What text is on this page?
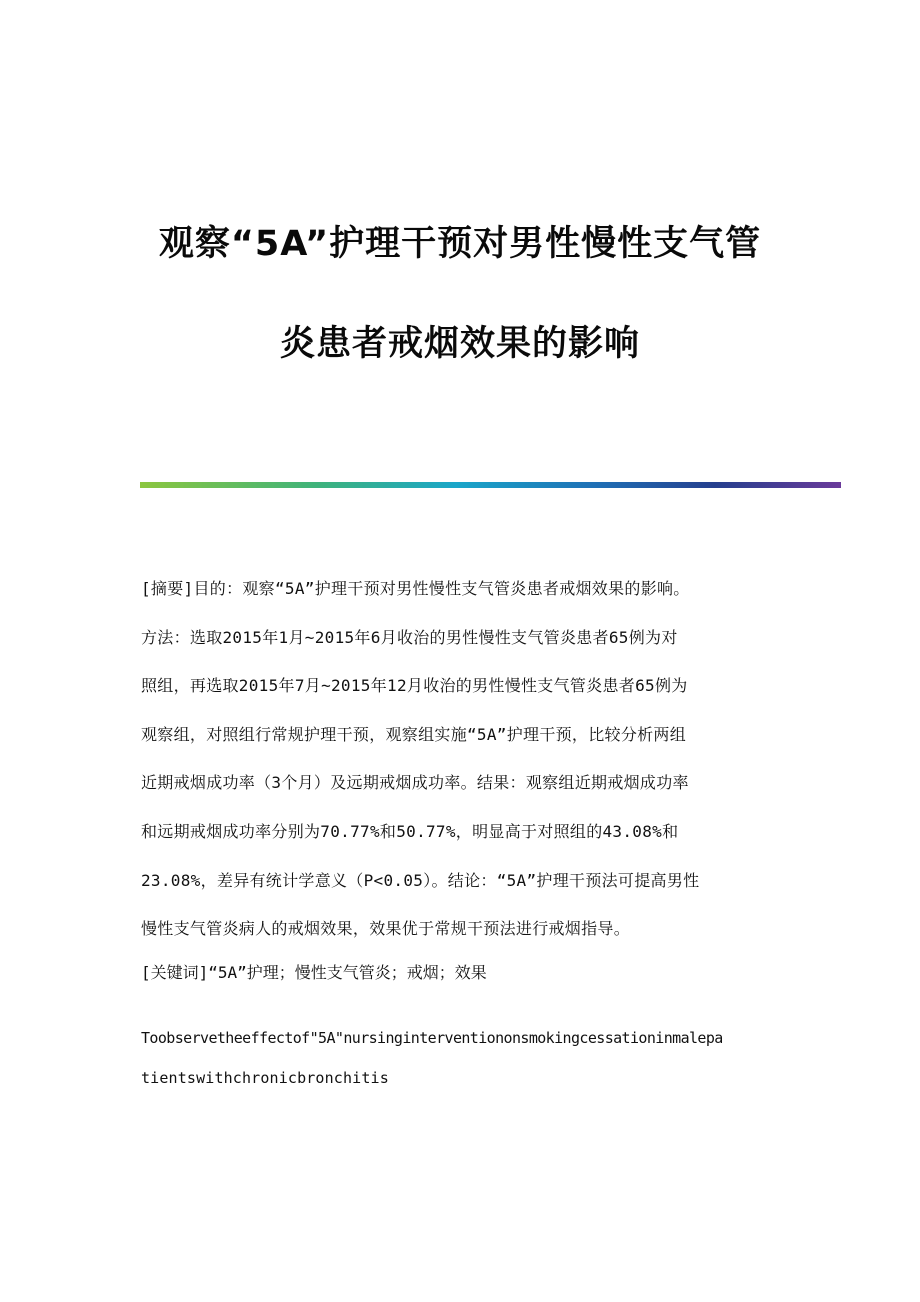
观察“5A”护理干预对男性慢性支气管
炎患者戒烟效果的影响
[摘要]目的：观察“5A”护理干预对男性慢性支气管炎患者戒烟效果的影响。
方法：选取2015年1月~2015年6月收治的男性慢性支气管炎患者65例为对
照组，再选取2015年7月~2015年12月收治的男性慢性支气管炎患者65例为
观察组，对照组行常规护理干预，观察组实施“5A”护理干预，比较分析两组
近期戒烟成功率（3个月）及远期戒烟成功率。结果：观察组近期戒烟成功率
和远期戒烟成功率分别为70.77%和50.77%，明显高于对照组的43.08%和
23.08%，差异有统计学意义（P<0.05）。结论：“5A”护理干预法可提高男性
慢性支气管炎病人的戒烟效果，效果优于常规干预法进行戒烟指导。
[关键词]“5A”护理；慢性支气管炎；戒烟；效果
Toobservetheeffectof"5A"nursinginterventiononsmokingcessationinmalepa
tientswithchronicbronchitis
